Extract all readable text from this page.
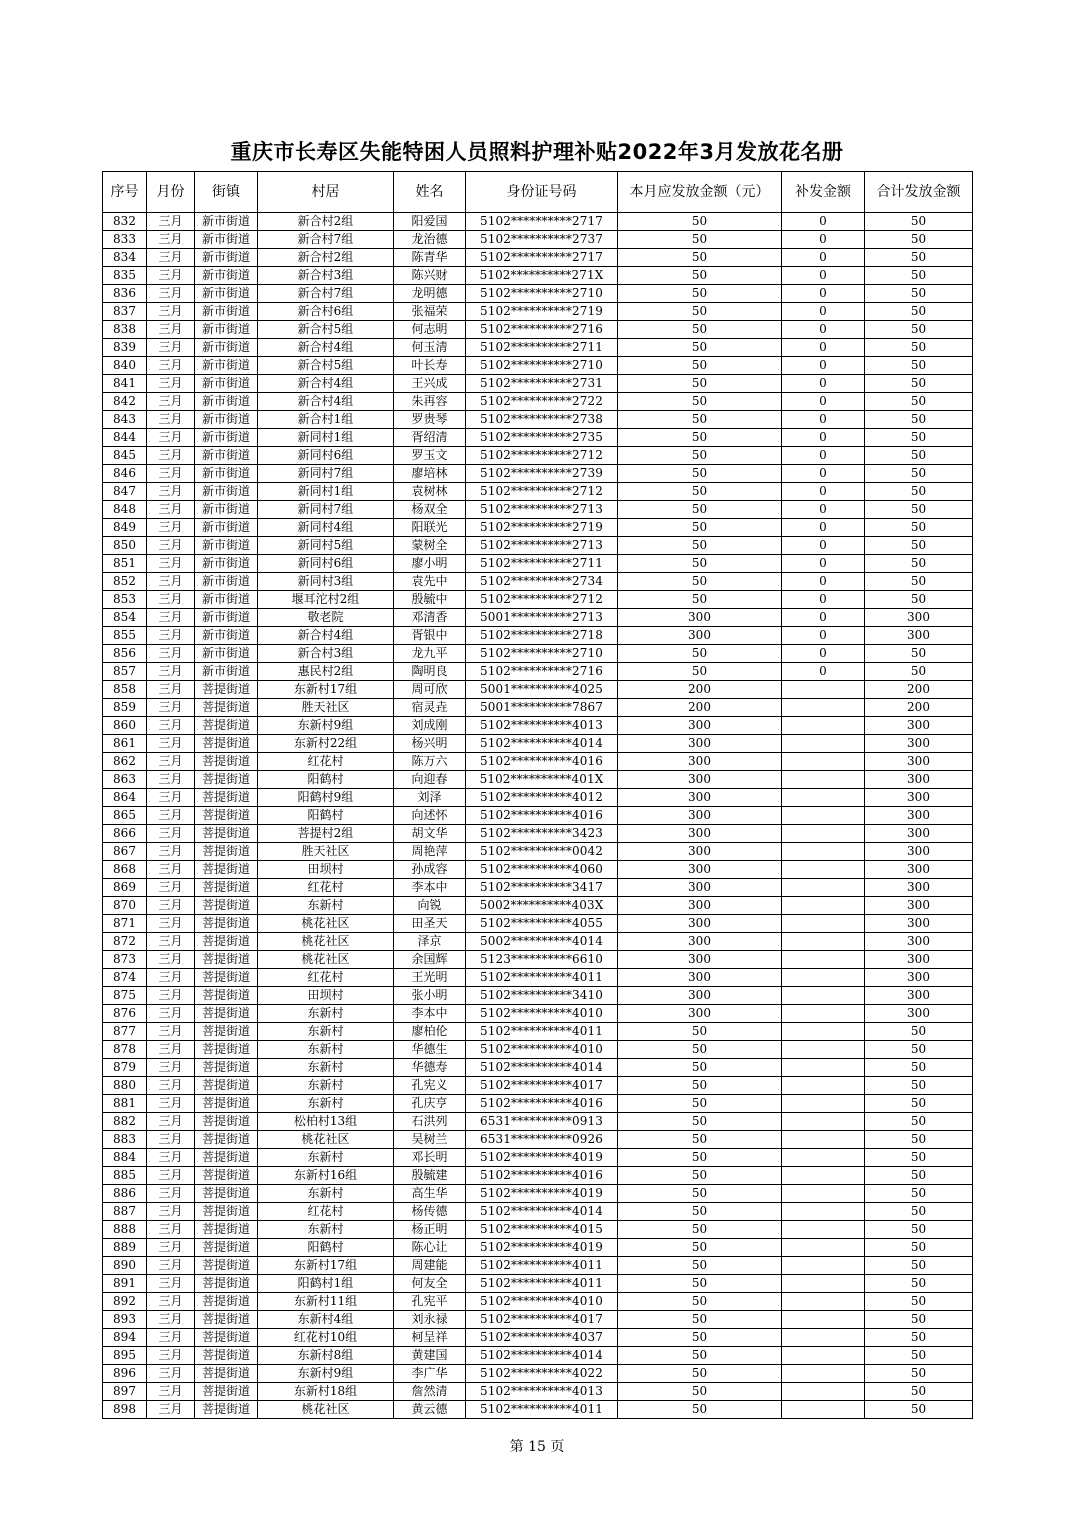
重庆市长寿区失能特困人员照料护理补贴2022年3月发放花名册
序号	月份	街镇	村居	姓名	身份证号码	本月应发放金额（元）	补发金额	合计发放金额
832	三月	新市街道	新合村2组	阳爱国	5102**********2717	50	0	50
833	三月	新市街道	新合村7组	龙治德	5102**********2737	50	0	50
834	三月	新市街道	新合村2组	陈青华	5102**********2717	50	0	50
835	三月	新市街道	新合村3组	陈兴财	5102**********271X	50	0	50
836	三月	新市街道	新合村7组	龙明德	5102**********2710	50	0	50
837	三月	新市街道	新合村6组	张福荣	5102**********2719	50	0	50
838	三月	新市街道	新合村5组	何志明	5102**********2716	50	0	50
839	三月	新市街道	新合村4组	何玉清	5102**********2711	50	0	50
840	三月	新市街道	新合村5组	叶长寿	5102**********2710	50	0	50
841	三月	新市街道	新合村4组	王兴成	5102**********2731	50	0	50
842	三月	新市街道	新合村4组	朱再容	5102**********2722	50	0	50
843	三月	新市街道	新合村1组	罗贵琴	5102**********2738	50	0	50
844	三月	新市街道	新同村1组	胥绍清	5102**********2735	50	0	50
845	三月	新市街道	新同村6组	罗玉文	5102**********2712	50	0	50
846	三月	新市街道	新同村7组	廖培林	5102**********2739	50	0	50
847	三月	新市街道	新同村1组	袁树林	5102**********2712	50	0	50
848	三月	新市街道	新同村7组	杨双全	5102**********2713	50	0	50
849	三月	新市街道	新同村4组	阳联光	5102**********2719	50	0	50
850	三月	新市街道	新同村5组	蒙树全	5102**********2713	50	0	50
851	三月	新市街道	新同村6组	廖小明	5102**********2711	50	0	50
852	三月	新市街道	新同村3组	袁先中	5102**********2734	50	0	50
853	三月	新市街道	堰耳沱村2组	殷毓中	5102**********2712	50	0	50
854	三月	新市街道	敬老院	邓清香	5001**********2713	300	0	300
855	三月	新市街道	新合村4组	胥银中	5102**********2718	300	0	300
856	三月	新市街道	新合村3组	龙九平	5102**********2710	50	0	50
857	三月	新市街道	惠民村2组	陶明良	5102**********2716	50	0	50
858	三月	菩提街道	东新村17组	周可欣	5001**********4025	200		200
859	三月	菩提街道	胜天社区	宿灵垚	5001**********7867	200		200
860	三月	菩提街道	东新村9组	刘成刚	5102**********4013	300		300
861	三月	菩提街道	东新村22组	杨兴明	5102**********4014	300		300
862	三月	菩提街道	红花村	陈万六	5102**********4016	300		300
863	三月	菩提街道	阳鹤村	向迎春	5102**********401X	300		300
864	三月	菩提街道	阳鹤村9组	刘泽	5102**********4012	300		300
865	三月	菩提街道	阳鹤村	向述怀	5102**********4016	300		300
866	三月	菩提街道	菩提村2组	胡文华	5102**********3423	300		300
867	三月	菩提街道	胜天社区	周艳萍	5102**********0042	300		300
868	三月	菩提街道	田坝村	孙成容	5102**********4060	300		300
869	三月	菩提街道	红花村	李本中	5102**********3417	300		300
870	三月	菩提街道	东新村	向锐	5002**********403X	300		300
871	三月	菩提街道	桃花社区	田圣天	5102**********4055	300		300
872	三月	菩提街道	桃花社区	泽京	5002**********4014	300		300
873	三月	菩提街道	桃花社区	余国辉	5123**********6610	300		300
874	三月	菩提街道	红花村	王光明	5102**********4011	300		300
875	三月	菩提街道	田坝村	张小明	5102**********3410	300		300
876	三月	菩提街道	东新村	李本中	5102**********4010	300		300
877	三月	菩提街道	东新村	廖柏伦	5102**********4011	50		50
878	三月	菩提街道	东新村	华德生	5102**********4010	50		50
879	三月	菩提街道	东新村	华德寿	5102**********4014	50		50
880	三月	菩提街道	东新村	孔宪义	5102**********4017	50		50
881	三月	菩提街道	东新村	孔庆亨	5102**********4016	50		50
882	三月	菩提街道	松柏村13组	石洪列	6531**********0913	50		50
883	三月	菩提街道	桃花社区	吴树兰	6531**********0926	50		50
884	三月	菩提街道	东新村	邓长明	5102**********4019	50		50
885	三月	菩提街道	东新村16组	殷毓建	5102**********4016	50		50
886	三月	菩提街道	东新村	高生华	5102**********4019	50		50
887	三月	菩提街道	红花村	杨传德	5102**********4014	50		50
888	三月	菩提街道	东新村	杨正明	5102**********4015	50		50
889	三月	菩提街道	阳鹤村	陈心让	5102**********4019	50		50
890	三月	菩提街道	东新村17组	周建能	5102**********4011	50		50
891	三月	菩提街道	阳鹤村1组	何友全	5102**********4011	50		50
892	三月	菩提街道	东新村11组	孔宪平	5102**********4010	50		50
893	三月	菩提街道	东新村4组	刘永禄	5102**********4017	50		50
894	三月	菩提街道	红花村10组	柯呈祥	5102**********4037	50		50
895	三月	菩提街道	东新村8组	黄建国	5102**********4014	50		50
896	三月	菩提街道	东新村9组	李广华	5102**********4022	50		50
897	三月	菩提街道	东新村18组	詹然清	5102**********4013	50		50
898	三月	菩提街道	桃花社区	黄云德	5102**********4011	50		50
第 15 页
